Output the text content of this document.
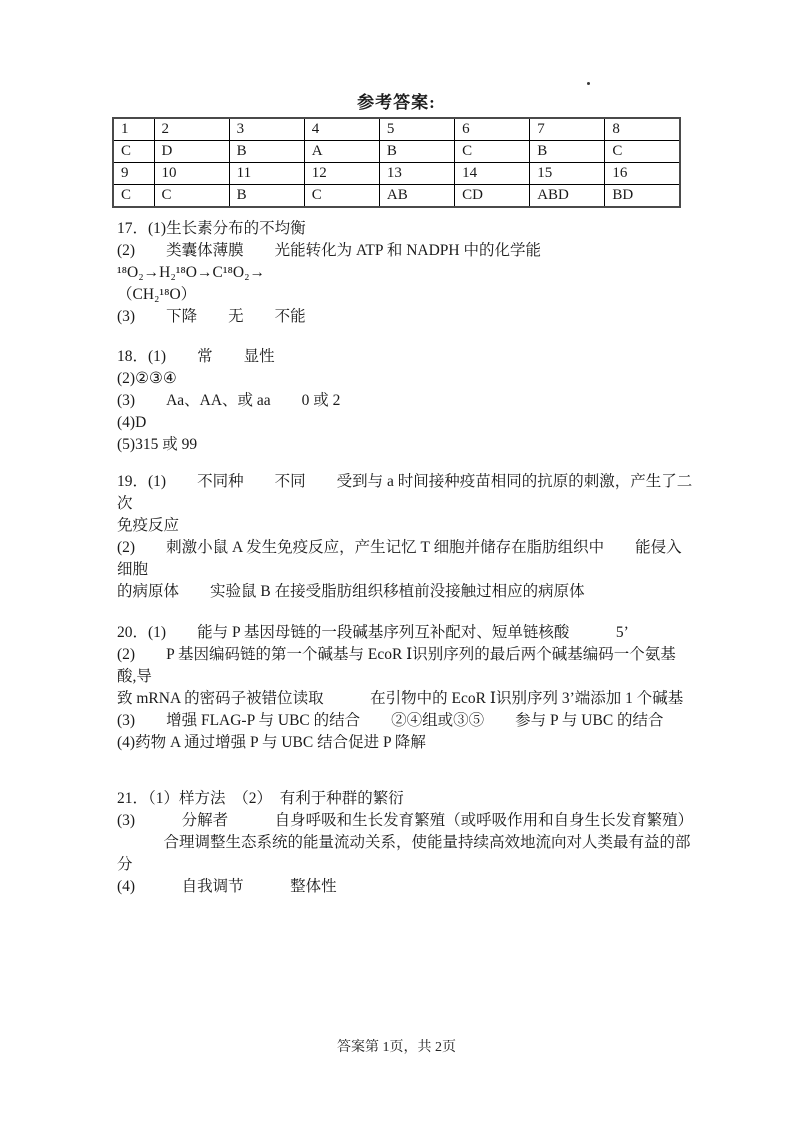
参考答案:
1	2	3	4	5	6	7	8
C	D	B	A	B	C	B	C
9	10	11	12	13	14	15	16
C	C	B	C	AB	CD	ABD	BD
17．(1)生长素分布的不均衡
(2)　　类囊体薄膜　　光能转化为 ATP 和 NADPH 中的化学能　　¹⁸O₂→H₂¹⁸O→C¹⁸O₂→
（CH₂¹⁸O）
(3)　　下降　　无　　不能
18．(1)　　常　　显性
(2)②③④
(3)　　Aa、AA、或 aa　　0 或 2
(4)D
(5)315 或 99
19．(1)　　不同种　　不同　　受到与 a 时间接种疫苗相同的抗原的刺激，产生了二次
免疫反应
(2)　　刺激小鼠 A 发生免疫反应，产生记忆 T 细胞并储存在脂肪组织中　　能侵入细胞
的病原体　　实验鼠 B 在接受脂肪组织移植前没接触过相应的病原体
20．(1)　　能与 P 基因母链的一段碱基序列互补配对、短单链核酸　　　5’
(2)　　P 基因编码链的第一个碱基与 EcoR Ⅰ识别序列的最后两个碱基编码一个氨基酸,导
致 mRNA 的密码子被错位读取　　　在引物中的 EcoR Ⅰ识别序列 3’端添加 1 个碱基
(3)　　增强 FLAG-P 与 UBC 的结合　　②④组或③⑤　　参与 P 与 UBC 的结合
(4)药物 A 通过增强 P 与 UBC 结合促进 P 降解
21．（1）样方法　（2）　有利于种群的繁衍
(3)　　　分解者　　　自身呼吸和生长发育繁殖（或呼吸作用和自身生长发育繁殖）
　　　合理调整生态系统的能量流动关系，使能量持续高效地流向对人类最有益的部分
(4)　　　自我调节　　　整体性
答案第 1页，共 2页
